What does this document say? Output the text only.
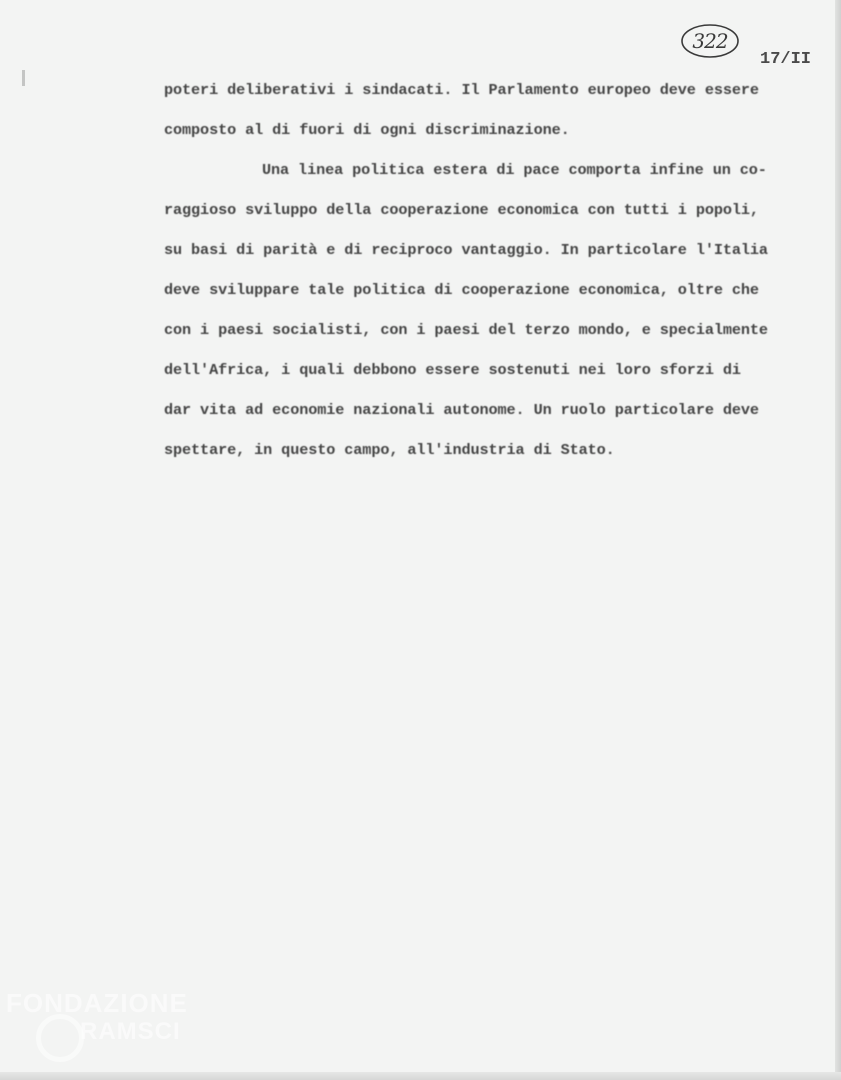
322
17/II
poteri deliberativi i sindacati. Il Parlamento europeo deve essere
composto al di fuori di ogni discriminazione.
Una linea politica estera di pace comporta infine un co-
raggioso sviluppo della cooperazione economica con tutti i popoli,
su basi di parità e di reciproco vantaggio. In particolare l'Italia
deve sviluppare tale politica di cooperazione economica, oltre che
con i paesi socialisti, con i paesi del terzo mondo, e specialmente
dell'Africa, i quali debbono essere sostenuti nei loro sforzi di
dar vita ad economie nazionali autonome. Un ruolo particolare deve
spettare, in questo campo, all'industria di Stato.
FONDAZIONE
RAMSCI
